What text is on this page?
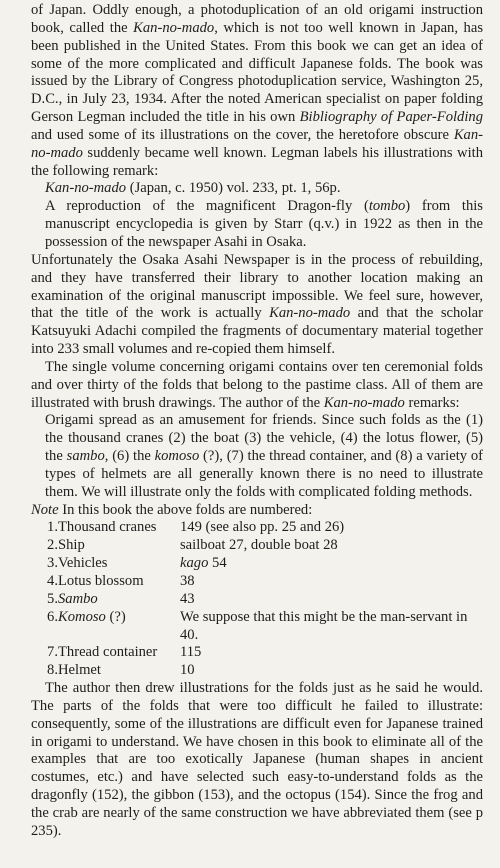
of Japan. Oddly enough, a photoduplication of an old origami instruction book, called the Kan-no-mado, which is not too well known in Japan, has been published in the United States. From this book we can get an idea of some of the more complicated and difficult Japanese folds. The book was issued by the Library of Congress photoduplication service, Washington 25, D.C., in July 23, 1934. After the noted American specialist on paper folding Gerson Legman included the title in his own Bibliography of Paper-Folding and used some of its illustrations on the cover, the heretofore obscure Kan-no-mado suddenly became well known. Legman labels his illustrations with the following remark:

Kan-no-mado (Japan, c. 1950) vol. 233, pt. 1, 56p.

A reproduction of the magnificent Dragon-fly (tombo) from this manuscript encyclopedia is given by Starr (q.v.) in 1922 as then in the possession of the newspaper Asahi in Osaka.

Unfortunately the Osaka Asahi Newspaper is in the process of rebuilding, and they have transferred their library to another location making an examination of the original manuscript impossible. We feel sure, however, that the title of the work is actually Kan-no-mado and that the scholar Katsuyuki Adachi compiled the fragments of documentary material together into 233 small volumes and re-copied them himself.

The single volume concerning origami contains over ten ceremonial folds and over thirty of the folds that belong to the pastime class. All of them are illustrated with brush drawings. The author of the Kan-no-mado remarks:

Origami spread as an amusement for friends. Since such folds as the (1) the thousand cranes (2) the boat (3) the vehicle, (4) the lotus flower, (5) the sambo, (6) the komoso (?), (7) the thread container, and (8) a variety of types of helmets are all generally known there is no need to illustrate them. We will illustrate only the folds with complicated folding methods.

Note In this book the above folds are numbered:

1.	Thousand cranes	149 (see also pp. 25 and 26)
2.	Ship	sailboat 27, double boat 28
3.	Vehicles	kago 54
4.	Lotus blossom	38
5.	Sambo	43
6.	Komoso (?)	We suppose that this might be the man-servant in 40.
7.	Thread container	115
8.	Helmet	10

The author then drew illustrations for the folds just as he said he would. The parts of the folds that were too difficult he failed to illustrate: consequently, some of the illustrations are difficult even for Japanese trained in origami to understand. We have chosen in this book to eliminate all of the examples that are too exotically Japanese (human shapes in ancient costumes, etc.) and have selected such easy-to-understand folds as the dragonfly (152), the gibbon (153), and the octopus (154). Since the frog and the crab are nearly of the same construction we have abbreviated them (see p 235).
